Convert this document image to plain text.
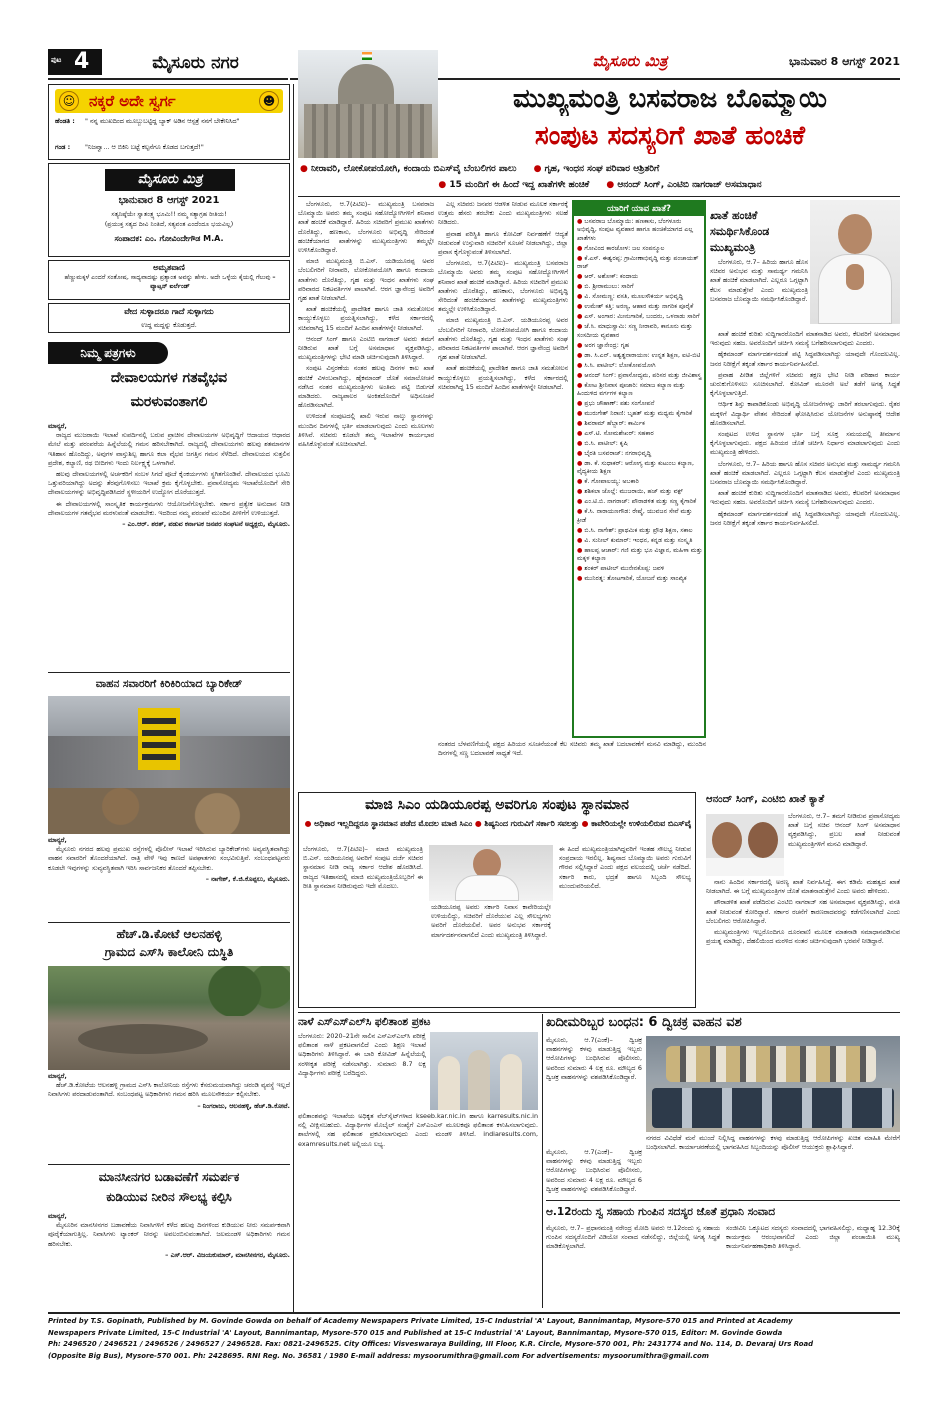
ಪುಟ 4	ಮೈಸೂರು ನಗರ	ಮೈಸೂರು ಮಿತ್ರ	ಭಾನುವಾರ 8 ಆಗಸ್ಟ್ 2021
☺ ನಕ್ಕರೆ ಅದೇ ಸ್ವರ್ಗ	☻
ಹೆಂಡತಿ : " ನನ್ನ ಮುಖದಿಂದ ಮೂಬ್ಬುಬಟ್ಟಿದ್ದ ಬ್ಯಾಕ್‌ ಅಡಿನ ಆಸ್ಪತ್ರೆ ನನಗೆ ಬೇಕೇನಿಸಿದ"
ಗಂಡ : "ನಿಜವ್ವಾ... ಆ ಬಿಕಿನಿ ಬಟ್ಟೆ ಕಲ್ಪನೆಗೂ ಕೊಡದ ಬಗುತ್ತದೆ!"
ಮೈಸೂರು ಮಿತ್ರ
ಭಾನುವಾರ 8 ಆಗಸ್ಟ್ 2021
ಸತ್ಯನಿಷ್ಠೆಯೇ ಸ್ವಾತಂತ್ರ್ಯ ಭೂಮಿ!! ನಮ್ಮ ಸತ್ಯಾಗ್ರಹ ರೀತಿಯ!
(ಪ್ರಯುಕ್ತ ಸತ್ಯದ ದೀವಿ ನಿಂತಿದೆ, ಸತ್ಯವಂತ ಎಂದೆಂದೂ ಭಯವಿಲ್ಲ)
ಸಂಪಾದಕ: ಎಂ. ಗೋವಿಂದೇಗೌಡ M.A.
ಅಮೃತವಾಣಿ
ಹೆಣ್ಣುಮಕ್ಕಳೆ ಎಂದರೆ ಸಂತೋಷ, ಸಾಧ್ಯವಾದಷ್ಟು ಪ್ರತ್ಯಾಂತ ಅವನ್ನು ಹೇಳು. ಅದೇ ಒಳ್ಳೆಯ ಕೈಯಲ್ಲಿ ಗೆಲುವು – ವ್ಯಾಟ್ಸನ್ ಐರ್ಲೆಂಡ್
ವೇದ ಸುಳ್ಳಾದರೂ ಗಾದೆ ಸುಳ್ಳಾಗದು
ಉದ್ಧ ಮದ್ದನ್ನು ಕೊಡುತ್ತದೆ.
ನಿಮ್ಮ ಪತ್ರಗಳು
ದೇವಾಲಯಗಳ ಗತವೈಭವ
ಮರಳುವಂತಾಗಲಿ
ಮಾನ್ಯರೆ,

ರಾಜ್ಯದ ಮುಜರಾಯಿ ಇಲಾಖೆ ಸುಪರ್ದಿನಲ್ಲಿ ಬರುವ ಪ್ರಾಚೀನ ದೇವಾಲಯಗಳ ಅಭಿವೃದ್ಧಿಗೆ ಆದಾಯದ ಆಧಾರದ ಮೇಲೆ ಮತ್ತು ಪರಂಪರೆಯ ಹಿನ್ನೆಲೆಯಲ್ಲಿ ಗಮನ ಹರಿಸಬೇಕಾಗಿದೆ. ರಾಜ್ಯದಲ್ಲಿ ದೇವಾಲಯಗಳು ಹಲವು ಶತಮಾನಗಳ ಇತಿಹಾಸ ಹೊಂದಿದ್ದು, ಅವುಗಳ ವಾಸ್ತುಶಿಲ್ಪ ಹಾಗೂ ಕಲಾ ವೈಭವ ಜಗತ್ತಿನ ಗಮನ ಸೆಳೆದಿದೆ. ದೇವಾಲಯದ ಸುತ್ತಲಿನ ಪ್ರದೇಶ, ಕಲ್ಯಾಣಿ, ರಥ ಬೀದಿಗಳು ಇಂದು ನಿರ್ಲಕ್ಷ್ಯಕ್ಕೆ ಒಳಗಾಗಿವೆ.

ಹಲವು ದೇವಾಲಯಗಳಲ್ಲಿ ಅರ್ಚಕರಿಗೆ ಸಂಬಳ ಸಿಗದೆ ಪೂಜೆ ಕೈಂಕರ್ಯಗಳು ಸ್ಥಗಿತಗೊಂಡಿವೆ. ದೇವಾಲಯದ ಭೂಮಿ ಒತ್ತುವರಿಯಾಗಿದ್ದು ಅದನ್ನು ತೆರವುಗೊಳಿಸಲು ಇಲಾಖೆ ಕ್ರಮ ಕೈಗೊಳ್ಳಬೇಕು. ಪ್ರವಾಸೋದ್ಯಮ ಇಲಾಖೆಯೊಂದಿಗೆ ಸೇರಿ ದೇವಾಲಯಗಳನ್ನು ಅಭಿವೃದ್ಧಿಪಡಿಸಿದರೆ ಸ್ಥಳೀಯರಿಗೆ ಉದ್ಯೋಗ ದೊರೆಯುತ್ತದೆ.

ಈ ದೇವಾಲಯಗಳಲ್ಲಿ ಸಾಂಸ್ಕೃತಿಕ ಕಾರ್ಯಕ್ರಮಗಳು ಆಯೋಜನೆಗೊಳ್ಳಬೇಕು. ಸರ್ಕಾರ ಪ್ರತ್ಯೇಕ ಅನುದಾನ ನೀಡಿ ದೇವಾಲಯಗಳ ಗತವೈಭವ ಮರಳುವಂತೆ ಮಾಡಬೇಕು. ಇದರಿಂದ ನಮ್ಮ ಪರಂಪರೆ ಮುಂದಿನ ಪೀಳಿಗೆಗೆ ಉಳಿಯುತ್ತದೆ.

– ಎಂ.ಆರ್. ಶರತ್, ಪಡುವ ಕರ್ನಾಟಕ ಜನಪರ ಸಂಘಟನೆ ಅಧ್ಯಕ್ಷರು, ಮೈಸೂರು.
ವಾಹನ ಸವಾರರಿಗೆ ಕಿರಿಕಿರಿಯಾದ ಬ್ಯಾರಿಕೇಡ್
ಮಾನ್ಯರೆ,

ಮೈಸೂರು ನಗರದ ಹಲವು ಪ್ರಮುಖ ರಸ್ತೆಗಳಲ್ಲಿ ಪೊಲೀಸ್ ಇಲಾಖೆ ಇರಿಸಿರುವ ಬ್ಯಾರಿಕೇಡ್‌ಗಳು ಅವ್ಯವಸ್ಥಿತವಾಗಿದ್ದು ವಾಹನ ಸವಾರರಿಗೆ ತೊಂದರೆಯಾಗಿದೆ. ರಾತ್ರಿ ವೇಳೆ ಇವು ಕಾಣದೆ ಅಪಘಾತಗಳು ಸಂಭವಿಸುತ್ತಿವೆ. ಸಂಬಂಧಪಟ್ಟವರು ಕೂಡಲೇ ಇವುಗಳನ್ನು ಸುವ್ಯವಸ್ಥಿತವಾಗಿ ಇರಿಸಿ ಸಾರ್ವಜನಿಕರ ತೊಂದರೆ ತಪ್ಪಿಸಬೇಕು.

– ನಾಗೇಶ್, ಕೆ.ಜಿ.ಕೊಪ್ಪಲು, ಮೈಸೂರು.
ಹೆಚ್.ಡಿ.ಕೋಟೆ ಆಲನಹಳ್ಳಿ
ಗ್ರಾಮದ ಎಸ್‌ಸಿ ಕಾಲೋನಿ ದುಸ್ಥಿತಿ
ಮಾನ್ಯರೆ,

ಹೆಚ್.ಡಿ.ಕೋಟೆಯ ಆಲನಹಳ್ಳಿ ಗ್ರಾಮದ ಎಸ್‌ಸಿ ಕಾಲೋನಿಯ ರಸ್ತೆಗಳು ಕೆಸರುಮಯವಾಗಿದ್ದು ಚರಂಡಿ ವ್ಯವಸ್ಥೆ ಇಲ್ಲದೆ ನಿವಾಸಿಗಳು ಪರದಾಡುವಂತಾಗಿದೆ. ಸಂಬಂಧಪಟ್ಟ ಅಧಿಕಾರಿಗಳು ಗಮನ ಹರಿಸಿ ಮೂಲಸೌಕರ್ಯ ಕಲ್ಪಿಸಬೇಕು.

– ನಿಂಗರಾಜು, ಆಲನಹಳ್ಳಿ, ಹೆಚ್.ಡಿ.ಕೋಟೆ.
ಮಾನಸೀನಗರ ಬಡಾವಣೆಗೆ ಸಮರ್ಪಕ
ಕುಡಿಯುವ ನೀರಿನ ಸೌಲಭ್ಯ ಕಲ್ಪಿಸಿ
ಮಾನ್ಯರೆ,

ಮೈಸೂರಿನ ಮಾನಸೀನಗರ ಬಡಾವಣೆಯ ನಿವಾಸಿಗಳಿಗೆ ಕಳೆದ ಹಲವು ದಿನಗಳಿಂದ ಕುಡಿಯುವ ನೀರು ಸಮರ್ಪಕವಾಗಿ ಪೂರೈಕೆಯಾಗುತ್ತಿಲ್ಲ. ನಿವಾಸಿಗಳು ಟ್ಯಾಂಕರ್ ನೀರನ್ನು ಅವಲಂಬಿಸುವಂತಾಗಿದೆ. ಜಲಮಂಡಳಿ ಅಧಿಕಾರಿಗಳು ಗಮನ ಹರಿಸಬೇಕು.

– ಎಸ್.ಆರ್. ವಿಜಯಕುಮಾರ್, ಮಾನಸೀನಗರ, ಮೈಸೂರು.
ಮುಖ್ಯಮಂತ್ರಿ ಬಸವರಾಜ ಬೊಮ್ಮಾಯಿ
ಸಂಪುಟ ಸದಸ್ಯರಿಗೆ ಖಾತೆ ಹಂಚಿಕೆ
● ನೀರಾವರಿ, ಲೋಕೋಪಯೋಗಿ, ಕಂದಾಯ ಬಿಎಸ್‌ವೈ ಬೆಂಬಲಿಗರ ಪಾಲು ● ಗೃಹ, ಇಂಧನ ಸಂಘ ಪರಿವಾರ ಆಶ್ರಿತರಿಗೆ
● 15 ಮಂದಿಗೆ ಈ ಹಿಂದೆ ಇದ್ದ ಖಾತೆಗಳೇ ಹಂಚಿಕೆ ● ಆನಂದ್ ಸಿಂಗ್, ಎಂಟಿಬಿ ನಾಗರಾಜ್ ಅಸಮಾಧಾನ

ಬೆಂಗಳೂರು, ಆ.7(ಪಿಟಿಐ)– ಮುಖ್ಯಮಂತ್ರಿ ಬಸವರಾಜ ಬೊಮ್ಮಾಯಿ ಅವರು ತಮ್ಮ ಸಂಪುಟ ಸಹೋದ್ಯೋಗಿಗಳಿಗೆ ಶನಿವಾರ ಖಾತೆ ಹಂಚಿಕೆ ಮಾಡಿದ್ದಾರೆ. ಹಿರಿಯ ಸಚಿವರಿಗೆ ಪ್ರಮುಖ ಖಾತೆಗಳು ದೊರೆತಿದ್ದು, ಹಣಕಾಸು, ಬೆಂಗಳೂರು ಅಭಿವೃದ್ಧಿ ಸೇರಿದಂತೆ ಹಂಚಿಕೆಯಾಗದ ಖಾತೆಗಳನ್ನು ಮುಖ್ಯಮಂತ್ರಿಗಳು ತಮ್ಮಲ್ಲೇ ಉಳಿಸಿಕೊಂಡಿದ್ದಾರೆ.

ಮಾಜಿ ಮುಖ್ಯಮಂತ್ರಿ ಬಿ.ಎಸ್. ಯಡಿಯೂರಪ್ಪ ಅವರ ಬೆಂಬಲಿಗರಿಗೆ ನೀರಾವರಿ, ಲೋಕೋಪಯೋಗಿ ಹಾಗೂ ಕಂದಾಯ ಖಾತೆಗಳು ದೊರೆತಿದ್ದು, ಗೃಹ ಮತ್ತು ಇಂಧನ ಖಾತೆಗಳು ಸಂಘ ಪರಿವಾರದ ನಿಕಟವರ್ತಿಗಳ ಪಾಲಾಗಿವೆ. ಆರಗ ಜ್ಞಾನೇಂದ್ರ ಅವರಿಗೆ ಗೃಹ ಖಾತೆ ನೀಡಲಾಗಿದೆ.

ಖಾತೆ ಹಂಚಿಕೆಯಲ್ಲಿ ಪ್ರಾದೇಶಿಕ ಹಾಗೂ ಜಾತಿ ಸಮತೋಲನ ಕಾಯ್ದುಕೊಳ್ಳಲು ಪ್ರಯತ್ನಿಸಲಾಗಿದ್ದು, ಕಳೆದ ಸರ್ಕಾರದಲ್ಲಿ ಸಚಿವರಾಗಿದ್ದ 15 ಮಂದಿಗೆ ಹಿಂದಿನ ಖಾತೆಗಳನ್ನೇ ನೀಡಲಾಗಿದೆ.

ಆನಂದ್ ಸಿಂಗ್ ಹಾಗೂ ಎಂಟಿಬಿ ನಾಗರಾಜ್ ಅವರು ತಮಗೆ ನೀಡಿರುವ ಖಾತೆ ಬಗ್ಗೆ ಅಸಮಾಧಾನ ವ್ಯಕ್ತಪಡಿಸಿದ್ದು, ಮುಖ್ಯಮಂತ್ರಿಗಳನ್ನು ಭೇಟಿ ಮಾಡಿ ಚರ್ಚಿಸುವುದಾಗಿ ತಿಳಿಸಿದ್ದಾರೆ.

ಸಂಪುಟ ವಿಸ್ತರಣೆಯ ನಂತರ ಹಲವು ದಿನಗಳ ಕಾಲ ಖಾತೆ ಹಂಚಿಕೆ ವಿಳಂಬವಾಗಿದ್ದು, ಹೈಕಮಾಂಡ್ ಜೊತೆ ಸಮಾಲೋಚನೆ ನಡೆಸಿದ ನಂತರ ಮುಖ್ಯಮಂತ್ರಿಗಳು ಅಂತಿಮ ಪಟ್ಟಿ ಬಿಡುಗಡೆ ಮಾಡಿದರು. ರಾಜ್ಯಪಾಲರ ಅಂಕಿತದೊಂದಿಗೆ ಅಧಿಸೂಚನೆ ಹೊರಡಿಸಲಾಗಿದೆ.

ಉಳಿದಂತೆ ಸಂಪುಟದಲ್ಲಿ ಖಾಲಿ ಇರುವ ನಾಲ್ಕು ಸ್ಥಾನಗಳನ್ನು ಮುಂದಿನ ದಿನಗಳಲ್ಲಿ ಭರ್ತಿ ಮಾಡಲಾಗುವುದು ಎಂದು ಮೂಲಗಳು ತಿಳಿಸಿವೆ. ಸಚಿವರು ಕೂಡಲೇ ತಮ್ಮ ಇಲಾಖೆಗಳ ಕಾರ್ಯಭಾರ ವಹಿಸಿಕೊಳ್ಳುವಂತೆ ಸೂಚಿಸಲಾಗಿದೆ.

ಎಲ್ಲ ಸಚಿವರು ಜನಪರ ಆಡಳಿತ ನೀಡುವ ಮೂಲಕ ಸರ್ಕಾರಕ್ಕೆ ಉತ್ತಮ ಹೆಸರು ತರಬೇಕು ಎಂದು ಮುಖ್ಯಮಂತ್ರಿಗಳು ಸಲಹೆ ನೀಡಿದರು.

ಪ್ರವಾಹ ಪರಿಸ್ಥಿತಿ ಹಾಗೂ ಕೋವಿಡ್ ನಿರ್ವಹಣೆಗೆ ಆದ್ಯತೆ ನೀಡುವಂತೆ ಉಸ್ತುವಾರಿ ಸಚಿವರಿಗೆ ಸೂಚನೆ ನೀಡಲಾಗಿದ್ದು, ಜಿಲ್ಲಾ ಪ್ರವಾಸ ಕೈಗೊಳ್ಳುವಂತೆ ತಿಳಿಸಲಾಗಿದೆ.

ಬೆಂಗಳೂರು, ಆ.7(ಪಿಟಿಐ)– ಮುಖ್ಯಮಂತ್ರಿ ಬಸವರಾಜ ಬೊಮ್ಮಾಯಿ ಅವರು ತಮ್ಮ ಸಂಪುಟ ಸಹೋದ್ಯೋಗಿಗಳಿಗೆ ಶನಿವಾರ ಖಾತೆ ಹಂಚಿಕೆ ಮಾಡಿದ್ದಾರೆ. ಹಿರಿಯ ಸಚಿವರಿಗೆ ಪ್ರಮುಖ ಖಾತೆಗಳು ದೊರೆತಿದ್ದು, ಹಣಕಾಸು, ಬೆಂಗಳೂರು ಅಭಿವೃದ್ಧಿ ಸೇರಿದಂತೆ ಹಂಚಿಕೆಯಾಗದ ಖಾತೆಗಳನ್ನು ಮುಖ್ಯಮಂತ್ರಿಗಳು ತಮ್ಮಲ್ಲೇ ಉಳಿಸಿಕೊಂಡಿದ್ದಾರೆ.

ಮಾಜಿ ಮುಖ್ಯಮಂತ್ರಿ ಬಿ.ಎಸ್. ಯಡಿಯೂರಪ್ಪ ಅವರ ಬೆಂಬಲಿಗರಿಗೆ ನೀರಾವರಿ, ಲೋಕೋಪಯೋಗಿ ಹಾಗೂ ಕಂದಾಯ ಖಾತೆಗಳು ದೊರೆತಿದ್ದು, ಗೃಹ ಮತ್ತು ಇಂಧನ ಖಾತೆಗಳು ಸಂಘ ಪರಿವಾರದ ನಿಕಟವರ್ತಿಗಳ ಪಾಲಾಗಿವೆ. ಆರಗ ಜ್ಞಾನೇಂದ್ರ ಅವರಿಗೆ ಗೃಹ ಖಾತೆ ನೀಡಲಾಗಿದೆ.

ಖಾತೆ ಹಂಚಿಕೆಯಲ್ಲಿ ಪ್ರಾದೇಶಿಕ ಹಾಗೂ ಜಾತಿ ಸಮತೋಲನ ಕಾಯ್ದುಕೊಳ್ಳಲು ಪ್ರಯತ್ನಿಸಲಾಗಿದ್ದು, ಕಳೆದ ಸರ್ಕಾರದಲ್ಲಿ ಸಚಿವರಾಗಿದ್ದ 15 ಮಂದಿಗೆ ಹಿಂದಿನ ಖಾತೆಗಳನ್ನೇ ನೀಡಲಾಗಿದೆ.

ಯಾರಿಗೆ ಯಾವ ಖಾತೆ?
● ಬಸವರಾಜ ಬೊಮ್ಮಾಯಿ: ಹಣಕಾಸು, ಬೆಂಗಳೂರು ಅಭಿವೃದ್ಧಿ, ಸಂಪುಟ ವ್ಯವಹಾರ ಹಾಗೂ ಹಂಚಿಕೆಯಾಗದ ಎಲ್ಲ ಖಾತೆಗಳು
● ಗೋವಿಂದ ಕಾರಜೋಳ: ಜಲ ಸಂಪನ್ಮೂಲ
● ಕೆ.ಎಸ್. ಈಶ್ವರಪ್ಪ: ಗ್ರಾಮೀಣಾಭಿವೃದ್ಧಿ ಮತ್ತು ಪಂಚಾಯತ್ ರಾಜ್
● ಆರ್. ಅಶೋಕ್: ಕಂದಾಯ
● ಬಿ. ಶ್ರೀರಾಮುಲು: ಸಾರಿಗೆ
● ವಿ. ಸೋಮಣ್ಣ: ವಸತಿ, ಮೂಲಸೌಕರ್ಯ ಅಭಿವೃದ್ಧಿ
● ಉಮೇಶ್ ಕತ್ತಿ: ಅರಣ್ಯ, ಆಹಾರ ಮತ್ತು ನಾಗರಿಕ ಪೂರೈಕೆ
● ಎಸ್. ಅಂಗಾರ: ಮೀನುಗಾರಿಕೆ, ಬಂದರು, ಒಳನಾಡು ಸಾರಿಗೆ
● ಜೆ.ಸಿ. ಮಾಧುಸ್ವಾಮಿ: ಸಣ್ಣ ನೀರಾವರಿ, ಕಾನೂನು ಮತ್ತು ಸಂಸದೀಯ ವ್ಯವಹಾರ
● ಅರಗ ಜ್ಞಾನೇಂದ್ರ: ಗೃಹ
● ಡಾ. ಸಿ.ಎನ್. ಅಶ್ವತ್ಥನಾರಾಯಣ: ಉನ್ನತ ಶಿಕ್ಷಣ, ಐಟಿ-ಬಿಟಿ
● ಸಿ.ಸಿ. ಪಾಟೀಲ್: ಲೋಕೋಪಯೋಗಿ
● ಆನಂದ್ ಸಿಂಗ್: ಪ್ರವಾಸೋದ್ಯಮ, ಪರಿಸರ ಮತ್ತು ಜೀವಿಶಾಸ್ತ್ರ
● ಕೋಟ ಶ್ರೀನಿವಾಸ ಪೂಜಾರಿ: ಸಮಾಜ ಕಲ್ಯಾಣ ಮತ್ತು ಹಿಂದುಳಿದ ವರ್ಗಗಳ ಕಲ್ಯಾಣ
● ಪ್ರಭು ಚೌಹಾಣ್: ಪಶು ಸಂಗೋಪನೆ
● ಮುರುಗೇಶ್ ನಿರಾಣಿ: ಬೃಹತ್ ಮತ್ತು ಮಧ್ಯಮ ಕೈಗಾರಿಕೆ
● ಶಿವರಾಮ್ ಹೆಬ್ಬಾರ್: ಕಾರ್ಮಿಕ
● ಎಸ್.ಟಿ. ಸೋಮಶೇಖರ್: ಸಹಕಾರ
● ಬಿ.ಸಿ. ಪಾಟೀಲ್: ಕೃಷಿ
● ಬೈರತಿ ಬಸವರಾಜ್: ನಗರಾಭಿವೃದ್ಧಿ
● ಡಾ. ಕೆ. ಸುಧಾಕರ್: ಆರೋಗ್ಯ ಮತ್ತು ಕುಟುಂಬ ಕಲ್ಯಾಣ, ವೈದ್ಯಕೀಯ ಶಿಕ್ಷಣ
● ಕೆ. ಗೋಪಾಲಯ್ಯ: ಅಬಕಾರಿ
● ಶಶಿಕಲಾ ಜೊಲ್ಲೆ: ಮುಜರಾಯಿ, ಹಜ್ ಮತ್ತು ವಕ್ಫ್
● ಎಂ.ಟಿ.ಬಿ. ನಾಗರಾಜ್: ಪೌರಾಡಳಿತ ಮತ್ತು ಸಣ್ಣ ಕೈಗಾರಿಕೆ
● ಕೆ.ಸಿ. ನಾರಾಯಣಗೌಡ: ರೇಷ್ಮೆ, ಯುವಜನ ಸೇವೆ ಮತ್ತು ಕ್ರೀಡೆ
● ಬಿ.ಸಿ. ನಾಗೇಶ್: ಪ್ರಾಥಮಿಕ ಮತ್ತು ಪ್ರೌಢ ಶಿಕ್ಷಣ, ಸಕಾಲ
● ವಿ. ಸುನೀಲ್ ಕುಮಾರ್: ಇಂಧನ, ಕನ್ನಡ ಮತ್ತು ಸಂಸ್ಕೃತಿ
● ಹಾಲಪ್ಪ ಆಚಾರ್: ಗಣಿ ಮತ್ತು ಭೂ ವಿಜ್ಞಾನ, ಮಹಿಳಾ ಮತ್ತು ಮಕ್ಕಳ ಕಲ್ಯಾಣ
● ಶಂಕರ್ ಪಾಟೀಲ್ ಮುನೇನಕೊಪ್ಪ: ಜವಳಿ
● ಮುನಿರತ್ನ: ತೋಟಗಾರಿಕೆ, ಯೋಜನೆ ಮತ್ತು ಸಾಂಖ್ಯಿಕ
ನಂತರದ ಬೆಳವಣಿಗೆಯಲ್ಲಿ ಪಕ್ಷದ ಹಿರಿಯರ ಸೂಚನೆಯಂತೆ ಕೆಲ ಸಚಿವರು ತಮ್ಮ ಖಾತೆ ಬದಲಾವಣೆಗೆ ಮನವಿ ಮಾಡಿದ್ದು, ಮುಂದಿನ ದಿನಗಳಲ್ಲಿ ಸಣ್ಣ ಬದಲಾವಣೆ ಸಾಧ್ಯತೆ ಇದೆ.
ಖಾತೆ ಹಂಚಿಕೆ
ಸಮರ್ಥಿಸಿಕೊಂಡ
ಮುಖ್ಯಮಂತ್ರಿ

ಬೆಂಗಳೂರು, ಆ.7– ಹಿರಿಯ ಹಾಗೂ ಹೊಸ ಸಚಿವರ ಅನುಭವ ಮತ್ತು ಸಾಮರ್ಥ್ಯ ಗಮನಿಸಿ ಖಾತೆ ಹಂಚಿಕೆ ಮಾಡಲಾಗಿದೆ. ಎಲ್ಲರೂ ಒಗ್ಗಟ್ಟಾಗಿ ಕೆಲಸ ಮಾಡುತ್ತೇವೆ ಎಂದು ಮುಖ್ಯಮಂತ್ರಿ ಬಸವರಾಜ ಬೊಮ್ಮಾಯಿ ಸಮರ್ಥಿಸಿಕೊಂಡಿದ್ದಾರೆ.

ಖಾತೆ ಹಂಚಿಕೆ ಕುರಿತು ಸುದ್ದಿಗಾರರೊಂದಿಗೆ ಮಾತನಾಡಿದ ಅವರು, ಕೆಲವರಿಗೆ ಅಸಮಾಧಾನ ಇರುವುದು ಸಹಜ. ಅವರೊಂದಿಗೆ ಚರ್ಚಿಸಿ ಸಮಸ್ಯೆ ಬಗೆಹರಿಸಲಾಗುವುದು ಎಂದರು.

ಹೈಕಮಾಂಡ್ ಮಾರ್ಗದರ್ಶನದಂತೆ ಪಟ್ಟಿ ಸಿದ್ಧಪಡಿಸಲಾಗಿದ್ದು ಯಾವುದೇ ಗೊಂದಲವಿಲ್ಲ. ಜನರ ನಿರೀಕ್ಷೆಗೆ ತಕ್ಕಂತೆ ಸರ್ಕಾರ ಕಾರ್ಯನಿರ್ವಹಿಸಲಿದೆ.

ಪ್ರವಾಹ ಪೀಡಿತ ಜಿಲ್ಲೆಗಳಿಗೆ ಸಚಿವರು ತಕ್ಷಣ ಭೇಟಿ ನೀಡಿ ಪರಿಹಾರ ಕಾರ್ಯ ಚುರುಕುಗೊಳಿಸಲು ಸೂಚಿಸಲಾಗಿದೆ. ಕೋವಿಡ್ ಮೂರನೇ ಅಲೆ ತಡೆಗೆ ಅಗತ್ಯ ಸಿದ್ಧತೆ ಕೈಗೊಳ್ಳಲಾಗುತ್ತಿದೆ.

ಆರ್ಥಿಕ ಶಿಸ್ತು ಕಾಪಾಡಿಕೊಂಡು ಅಭಿವೃದ್ಧಿ ಯೋಜನೆಗಳನ್ನು ಜಾರಿಗೆ ತರಲಾಗುವುದು. ರೈತರ ಮಕ್ಕಳಿಗೆ ವಿದ್ಯಾರ್ಥಿ ವೇತನ ಸೇರಿದಂತೆ ಘೋಷಿಸಿರುವ ಯೋಜನೆಗಳ ಅನುಷ್ಠಾನಕ್ಕೆ ಆದೇಶ ಹೊರಡಿಸಲಾಗಿದೆ.

ಸಂಪುಟದ ಉಳಿದ ಸ್ಥಾನಗಳ ಭರ್ತಿ ಬಗ್ಗೆ ಸೂಕ್ತ ಸಮಯದಲ್ಲಿ ತೀರ್ಮಾನ ಕೈಗೊಳ್ಳಲಾಗುವುದು. ಪಕ್ಷದ ಹಿರಿಯರ ಜೊತೆ ಚರ್ಚಿಸಿ ನಿರ್ಧಾರ ಮಾಡಲಾಗುವುದು ಎಂದು ಮುಖ್ಯಮಂತ್ರಿ ಹೇಳಿದರು.

ಬೆಂಗಳೂರು, ಆ.7– ಹಿರಿಯ ಹಾಗೂ ಹೊಸ ಸಚಿವರ ಅನುಭವ ಮತ್ತು ಸಾಮರ್ಥ್ಯ ಗಮನಿಸಿ ಖಾತೆ ಹಂಚಿಕೆ ಮಾಡಲಾಗಿದೆ. ಎಲ್ಲರೂ ಒಗ್ಗಟ್ಟಾಗಿ ಕೆಲಸ ಮಾಡುತ್ತೇವೆ ಎಂದು ಮುಖ್ಯಮಂತ್ರಿ ಬಸವರಾಜ ಬೊಮ್ಮಾಯಿ ಸಮರ್ಥಿಸಿಕೊಂಡಿದ್ದಾರೆ.

ಖಾತೆ ಹಂಚಿಕೆ ಕುರಿತು ಸುದ್ದಿಗಾರರೊಂದಿಗೆ ಮಾತನಾಡಿದ ಅವರು, ಕೆಲವರಿಗೆ ಅಸಮಾಧಾನ ಇರುವುದು ಸಹಜ. ಅವರೊಂದಿಗೆ ಚರ್ಚಿಸಿ ಸಮಸ್ಯೆ ಬಗೆಹರಿಸಲಾಗುವುದು ಎಂದರು.

ಹೈಕಮಾಂಡ್ ಮಾರ್ಗದರ್ಶನದಂತೆ ಪಟ್ಟಿ ಸಿದ್ಧಪಡಿಸಲಾಗಿದ್ದು ಯಾವುದೇ ಗೊಂದಲವಿಲ್ಲ. ಜನರ ನಿರೀಕ್ಷೆಗೆ ತಕ್ಕಂತೆ ಸರ್ಕಾರ ಕಾರ್ಯನಿರ್ವಹಿಸಲಿದೆ.

ಮಾಜಿ ಸಿಎಂ ಯಡಿಯೂರಪ್ಪ ಅವರಿಗೂ ಸಂಪುಟ ಸ್ಥಾನಮಾನ
● ಅಧಿಕಾರ ಇಲ್ಲದಿದ್ದರೂ ಸ್ಥಾನಮಾನ ಪಡೆದ ಮೊದಲ ಮಾಜಿ ಸಿಎಂ ● ಶಿಷ್ಯನಿಂದ ಗುರುವಿಗೆ ಸರ್ಕಾರಿ ಸವಲತ್ತು ● ಕಾವೇರಿಯಲ್ಲೇ ಉಳಿಯಲಿರುವ ಬಿಎಸ್‌ವೈ
ಬೆಂಗಳೂರು, ಆ.7(ಪಿಟಿಐ)– ಮಾಜಿ ಮುಖ್ಯಮಂತ್ರಿ ಬಿ.ಎಸ್. ಯಡಿಯೂರಪ್ಪ ಅವರಿಗೆ ಸಂಪುಟ ದರ್ಜೆ ಸಚಿವರ ಸ್ಥಾನಮಾನ ನೀಡಿ ರಾಜ್ಯ ಸರ್ಕಾರ ಆದೇಶ ಹೊರಡಿಸಿದೆ. ರಾಜ್ಯದ ಇತಿಹಾಸದಲ್ಲಿ ಮಾಜಿ ಮುಖ್ಯಮಂತ್ರಿಯೊಬ್ಬರಿಗೆ ಈ ರೀತಿ ಸ್ಥಾನಮಾನ ನೀಡಿರುವುದು ಇದೇ ಮೊದಲು.
ಯಡಿಯೂರಪ್ಪ ಅವರು ಸರ್ಕಾರಿ ನಿವಾಸ ಕಾವೇರಿಯಲ್ಲೇ ಉಳಿಯಲಿದ್ದು, ಸಚಿವರಿಗೆ ದೊರೆಯುವ ಎಲ್ಲ ಸೌಲಭ್ಯಗಳು ಅವರಿಗೆ ದೊರೆಯಲಿವೆ. ಅವರ ಅನುಭವ ಸರ್ಕಾರಕ್ಕೆ ಮಾರ್ಗದರ್ಶನವಾಗಲಿದೆ ಎಂದು ಮುಖ್ಯಮಂತ್ರಿ ತಿಳಿಸಿದ್ದಾರೆ.
ಈ ಹಿಂದೆ ಮುಖ್ಯಮಂತ್ರಿಯಾಗಿದ್ದವರಿಗೆ ಇಂತಹ ಸೌಲಭ್ಯ ನೀಡುವ ಸಂಪ್ರದಾಯ ಇರಲಿಲ್ಲ. ಶಿಷ್ಯನಾದ ಬೊಮ್ಮಾಯಿ ಅವರು ಗುರುವಿಗೆ ಗೌರವ ಸಲ್ಲಿಸಿದ್ದಾರೆ ಎಂದು ಪಕ್ಷದ ವಲಯದಲ್ಲಿ ಚರ್ಚೆ ನಡೆದಿದೆ. ಸರ್ಕಾರಿ ಕಾರು, ಭದ್ರತೆ ಹಾಗೂ ಸಿಬ್ಬಂದಿ ಸೌಲಭ್ಯ ಮುಂದುವರಿಯಲಿದೆ.
ಆನಂದ್ ಸಿಂಗ್, ಎಂಟಿಬಿ ಖಾತೆ ಕ್ಯಾತೆ
ಬೆಂಗಳೂರು, ಆ.7– ತಮಗೆ ನೀಡಿರುವ ಪ್ರವಾಸೋದ್ಯಮ ಖಾತೆ ಬಗ್ಗೆ ಸಚಿವ ಆನಂದ್ ಸಿಂಗ್ ಅಸಮಾಧಾನ ವ್ಯಕ್ತಪಡಿಸಿದ್ದು, ಪ್ರಬಲ ಖಾತೆ ನೀಡುವಂತೆ ಮುಖ್ಯಮಂತ್ರಿಗಳಿಗೆ ಮನವಿ ಮಾಡಿದ್ದಾರೆ.

ನಾನು ಹಿಂದಿನ ಸರ್ಕಾರದಲ್ಲಿ ಅರಣ್ಯ ಖಾತೆ ನಿರ್ವಹಿಸಿದ್ದೆ. ಈಗ ಕಡಿಮೆ ಮಹತ್ವದ ಖಾತೆ ನೀಡಲಾಗಿದೆ. ಈ ಬಗ್ಗೆ ಮುಖ್ಯಮಂತ್ರಿಗಳ ಜೊತೆ ಮಾತನಾಡುತ್ತೇನೆ ಎಂದು ಅವರು ಹೇಳಿದರು.

ಪೌರಾಡಳಿತ ಖಾತೆ ಪಡೆದಿರುವ ಎಂಟಿಬಿ ನಾಗರಾಜ್ ಸಹ ಅಸಮಾಧಾನ ವ್ಯಕ್ತಪಡಿಸಿದ್ದು, ವಸತಿ ಖಾತೆ ನೀಡುವಂತೆ ಕೋರಿದ್ದಾರೆ. ಸರ್ಕಾರ ರಚನೆಗೆ ಕಾರಣರಾದವರನ್ನು ಕಡೆಗಣಿಸಲಾಗಿದೆ ಎಂದು ಬೆಂಬಲಿಗರು ಆರೋಪಿಸಿದ್ದಾರೆ.

ಮುಖ್ಯಮಂತ್ರಿಗಳು ಇಬ್ಬರೊಂದಿಗೂ ದೂರವಾಣಿ ಮೂಲಕ ಮಾತನಾಡಿ ಸಮಾಧಾನಪಡಿಸುವ ಪ್ರಯತ್ನ ಮಾಡಿದ್ದು, ದೆಹಲಿಯಿಂದ ಮರಳಿದ ನಂತರ ಚರ್ಚಿಸುವುದಾಗಿ ಭರವಸೆ ನೀಡಿದ್ದಾರೆ.

ನಾಳೆ ಎಸ್‌ಎಸ್‌ಎಲ್‌ಸಿ ಫಲಿತಾಂಶ ಪ್ರಕಟ
ಬೆಂಗಳೂರು: 2020–21ನೇ ಸಾಲಿನ ಎಸ್‌ಎಸ್‌ಎಲ್‌ಸಿ ಪರೀಕ್ಷೆ ಫಲಿತಾಂಶ ನಾಳೆ ಪ್ರಕಟವಾಗಲಿದೆ ಎಂದು ಶಿಕ್ಷಣ ಇಲಾಖೆ ಅಧಿಕಾರಿಗಳು ತಿಳಿಸಿದ್ದಾರೆ. ಈ ಬಾರಿ ಕೋವಿಡ್ ಹಿನ್ನೆಲೆಯಲ್ಲಿ ಸರಳೀಕೃತ ಪರೀಕ್ಷೆ ನಡೆಸಲಾಗಿತ್ತು. ಸುಮಾರು 8.7 ಲಕ್ಷ ವಿದ್ಯಾರ್ಥಿಗಳು ಪರೀಕ್ಷೆ ಬರೆದಿದ್ದರು.
ಫಲಿತಾಂಶವನ್ನು ಇಲಾಖೆಯ ಅಧಿಕೃತ ವೆಬ್‌ಸೈಟ್‌ಗಳಾದ kseeb.kar.nic.in ಹಾಗೂ karresults.nic.in ನಲ್ಲಿ ವೀಕ್ಷಿಸಬಹುದು. ವಿದ್ಯಾರ್ಥಿಗಳ ಮೊಬೈಲ್ ಸಂಖ್ಯೆಗೆ ಎಸ್‌ಎಂಎಸ್ ಮೂಲಕವೂ ಫಲಿತಾಂಶ ಕಳುಹಿಸಲಾಗುವುದು. ಶಾಲೆಗಳಲ್ಲಿ ಸಹ ಫಲಿತಾಂಶ ಪ್ರಕಟಿಸಲಾಗುವುದು ಎಂದು ಮಂಡಳಿ ತಿಳಿಸಿದೆ. indiaresults.com, examresults.net ಅಲ್ಲಿಯೂ ಲಭ್ಯ.
ಖದೀಮರಿಬ್ಬರ ಬಂಧನ: 6 ದ್ವಿಚಕ್ರ ವಾಹನ ವಶ
ಮೈಸೂರು, ಆ.7(ಎಂಕೆ)– ದ್ವಿಚಕ್ರ ವಾಹನಗಳನ್ನು ಕಳವು ಮಾಡುತ್ತಿದ್ದ ಇಬ್ಬರು ಆರೋಪಿಗಳನ್ನು ಬಂಧಿಸಿರುವ ಪೊಲೀಸರು, ಅವರಿಂದ ಸುಮಾರು 4 ಲಕ್ಷ ರೂ. ಮೌಲ್ಯದ 6 ದ್ವಿಚಕ್ರ ವಾಹನಗಳನ್ನು ವಶಪಡಿಸಿಕೊಂಡಿದ್ದಾರೆ.
ನಗರದ ವಿವಿಧೆಡೆ ಮನೆ ಮುಂದೆ ನಿಲ್ಲಿಸಿದ್ದ ವಾಹನಗಳನ್ನು ಕಳವು ಮಾಡುತ್ತಿದ್ದ ಆರೋಪಿಗಳನ್ನು ಖಚಿತ ಮಾಹಿತಿ ಮೇರೆಗೆ ಬಂಧಿಸಲಾಗಿದೆ. ಕಾರ್ಯಾಚರಣೆಯಲ್ಲಿ ಭಾಗವಹಿಸಿದ ಸಿಬ್ಬಂದಿಯನ್ನು ಪೊಲೀಸ್ ಆಯುಕ್ತರು ಶ್ಲಾಘಿಸಿದ್ದಾರೆ.
ಮೈಸೂರು, ಆ.7(ಎಂಕೆ)– ದ್ವಿಚಕ್ರ ವಾಹನಗಳನ್ನು ಕಳವು ಮಾಡುತ್ತಿದ್ದ ಇಬ್ಬರು ಆರೋಪಿಗಳನ್ನು ಬಂಧಿಸಿರುವ ಪೊಲೀಸರು, ಅವರಿಂದ ಸುಮಾರು 4 ಲಕ್ಷ ರೂ. ಮೌಲ್ಯದ 6 ದ್ವಿಚಕ್ರ ವಾಹನಗಳನ್ನು ವಶಪಡಿಸಿಕೊಂಡಿದ್ದಾರೆ.
ಆ.12ರಂದು ಸ್ವ ಸಹಾಯ ಗುಂಪಿನ ಸದಸ್ಯರ ಜೊತೆ ಪ್ರಧಾನಿ ಸಂವಾದ
ಮೈಸೂರು, ಆ.7– ಪ್ರಧಾನಮಂತ್ರಿ ನರೇಂದ್ರ ಮೋದಿ ಅವರು ಆ.12ರಂದು ಸ್ವ ಸಹಾಯ ಗುಂಪಿನ ಸದಸ್ಯರೊಂದಿಗೆ ವಿಡಿಯೋ ಸಂವಾದ ನಡೆಸಲಿದ್ದು, ಜಿಲ್ಲೆಯಲ್ಲಿ ಅಗತ್ಯ ಸಿದ್ಧತೆ ಮಾಡಿಕೊಳ್ಳಲಾಗಿದೆ.
ಸಂಜೀವಿನಿ ಒಕ್ಕೂಟದ ಸದಸ್ಯರು ಸಂವಾದದಲ್ಲಿ ಭಾಗವಹಿಸಲಿದ್ದು, ಮಧ್ಯಾಹ್ನ 12.30ಕ್ಕೆ ಕಾರ್ಯಕ್ರಮ ಆರಂಭವಾಗಲಿದೆ ಎಂದು ಜಿಲ್ಲಾ ಪಂಚಾಯಿತಿ ಮುಖ್ಯ ಕಾರ್ಯನಿರ್ವಹಣಾಧಿಕಾರಿ ತಿಳಿಸಿದ್ದಾರೆ.
Printed by T.S. Gopinath, Published by M. Govinde Gowda on behalf of Academy Newspapers Private Limited, 15-C Industrial 'A' Layout, Bannimantap, Mysore-570 015 and Printed at Academy
Newspapers Private Limited, 15-C Industrial 'A' Layout, Bannimantap, Mysore-570 015 and Published at 15-C Industrial 'A' Layout, Bannimantap, Mysore-570 015, Editor: M. Govinde Gowda
Ph: 2496520 / 2496521 / 2496526 / 2496527 / 2496528. Fax: 0821-2496525. City Offices: Visveswaraya Building, III Floor, K.R. Circle, Mysore-570 001, Ph: 2431774 and No. 114, D. Devaraj Urs Road
(Opposite Big Bus), Mysore-570 001. Ph: 2428695. RNI Reg. No. 36581 / 1980 E-mail address: mysoorumithra@gmail.com For advertisements: mysoorumithra@gmail.com
